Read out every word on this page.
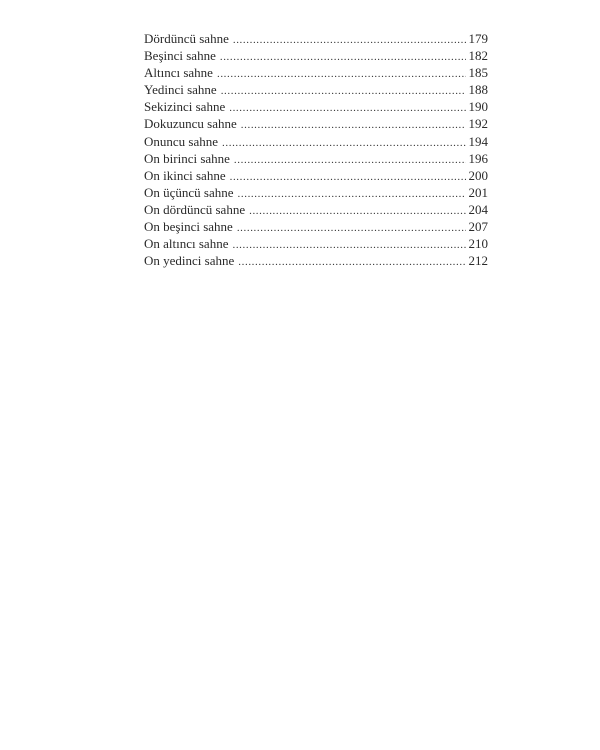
Dördüncü sahne .....	179
Beşinci sahne .....	182
Altıncı sahne .....	185
Yedinci sahne .....	188
Sekizinci sahne .....	190
Dokuzuncu sahne .....	192
Onuncu sahne .....	194
On birinci sahne .....	196
On ikinci sahne .....	200
On üçüncü sahne .....	201
On dördüncü sahne .....	204
On beşinci sahne .....	207
On altıncı sahne .....	210
On yedinci sahne .....	212
